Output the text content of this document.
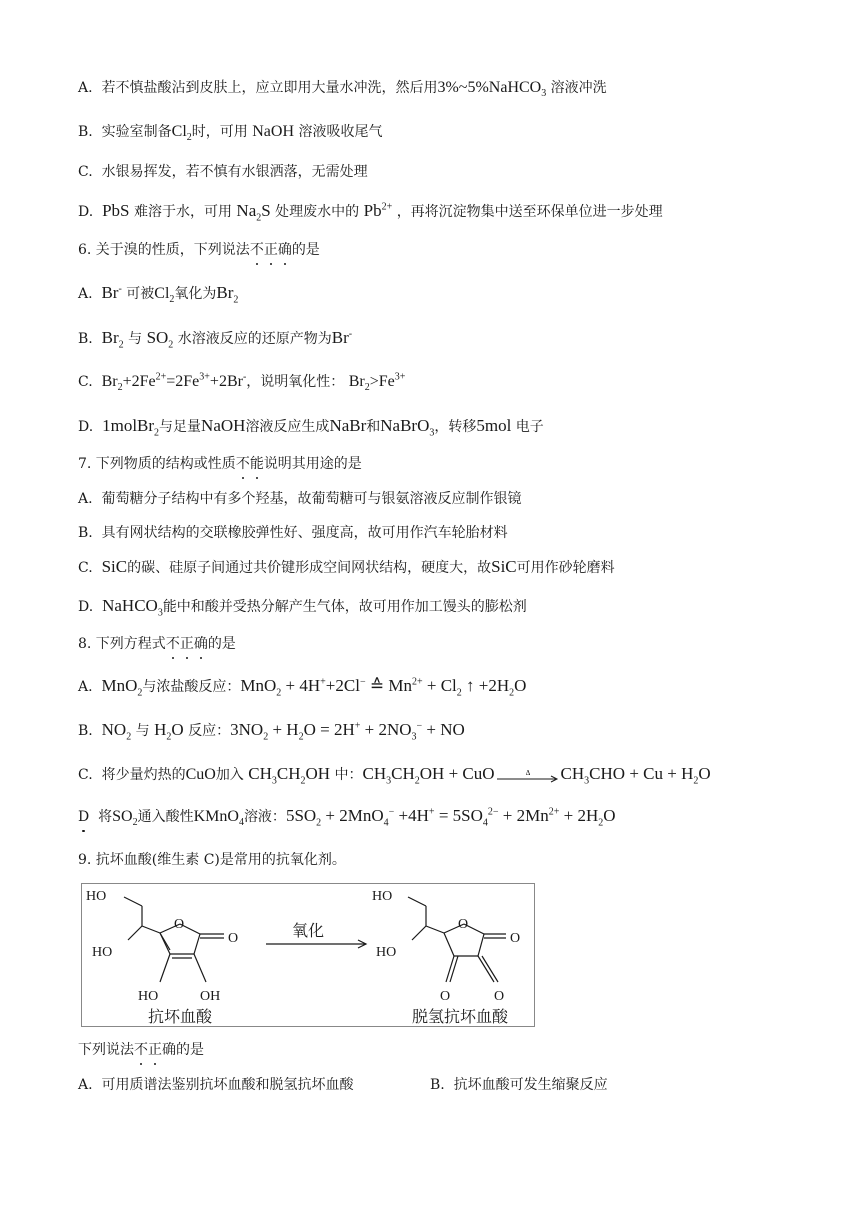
A. 若不慎盐酸沾到皮肤上，应立即用大量水冲洗，然后用3%~5%NaHCO$_3$ 溶液冲洗
B. 实验室制备$Cl_2$时，可用 NaOH 溶液吸收尾气
C. 水银易挥发，若不慎有水银洒落，无需处理
D. PbS 难溶于水，可用 $Na_2S$ 处理废水中的 $Pb^{2+}$ ，再将沉淀物集中送至环保单位进一步处理
6. 关于溴的性质，下列说法不正确的是
A. Br- 可被$Cl_2$氧化为$Br_2$
B. $Br_2$ 与 $SO_2$ 水溶液反应的还原产物为Br-
C. $Br_2+2Fe^{2+}=2Fe^{3+}+2Br^-$，说明氧化性： $Br_2>Fe^{3+}$
D. 1molBr$_2$与足量NaOH溶液反应生成NaBr和NaBrO$_3$，转移5mol 电子
7. 下列物质的结构或性质不能说明其用途的是
A. 葡萄糖分子结构中有多个羟基，故葡萄糖可与银氨溶液反应制作银镜
B. 具有网状结构的交联橡胶弹性好、强度高，故可用作汽车轮胎材料
C. SiC的碳、硅原子间通过共价键形成空间网状结构，硬度大，故SiC可用作砂轮磨料
D. NaHCO$_3$能中和酸并受热分解产生气体，故可用作加工馒头的膨松剂
8. 下列方程式不正确的是
A. MnO$_2$与浓盐酸反应：MnO$_2$ + 4H++2Cl− ≙ $Mn^{2+} + Cl_2$ ↑ $+2H_2O$
B. $NO_2$ 与 $H_2O$ 反应：$3NO_2 + H_2O = 2H^+ + 2NO_3^-$ + NO
C. 将少量灼热的CuO加入 $CH_3CH_2OH$ 中：$CH_3CH_2OH$ + CuO	Δ $CH_3CHO + Cu + H_2O$
D 将$SO_2$通入酸性KMnO$_4$溶液：$5SO_2 + 2MnO_4^- +4H^+ = 5SO_4^{2-} + 2Mn^{2+} + 2H_2O$
9. 抗坏血酸(维生素 C)是常用的抗氧化剂。
HO
HO
O
O
HO	OH
氧化
HO
HO
O
O
O	O
抗坏血酸	脱氢抗坏血酸
下列说法不正确的是
A. 可用质谱法鉴别抗坏血酸和脱氢抗坏血酸	B. 抗坏血酸可发生缩聚反应
